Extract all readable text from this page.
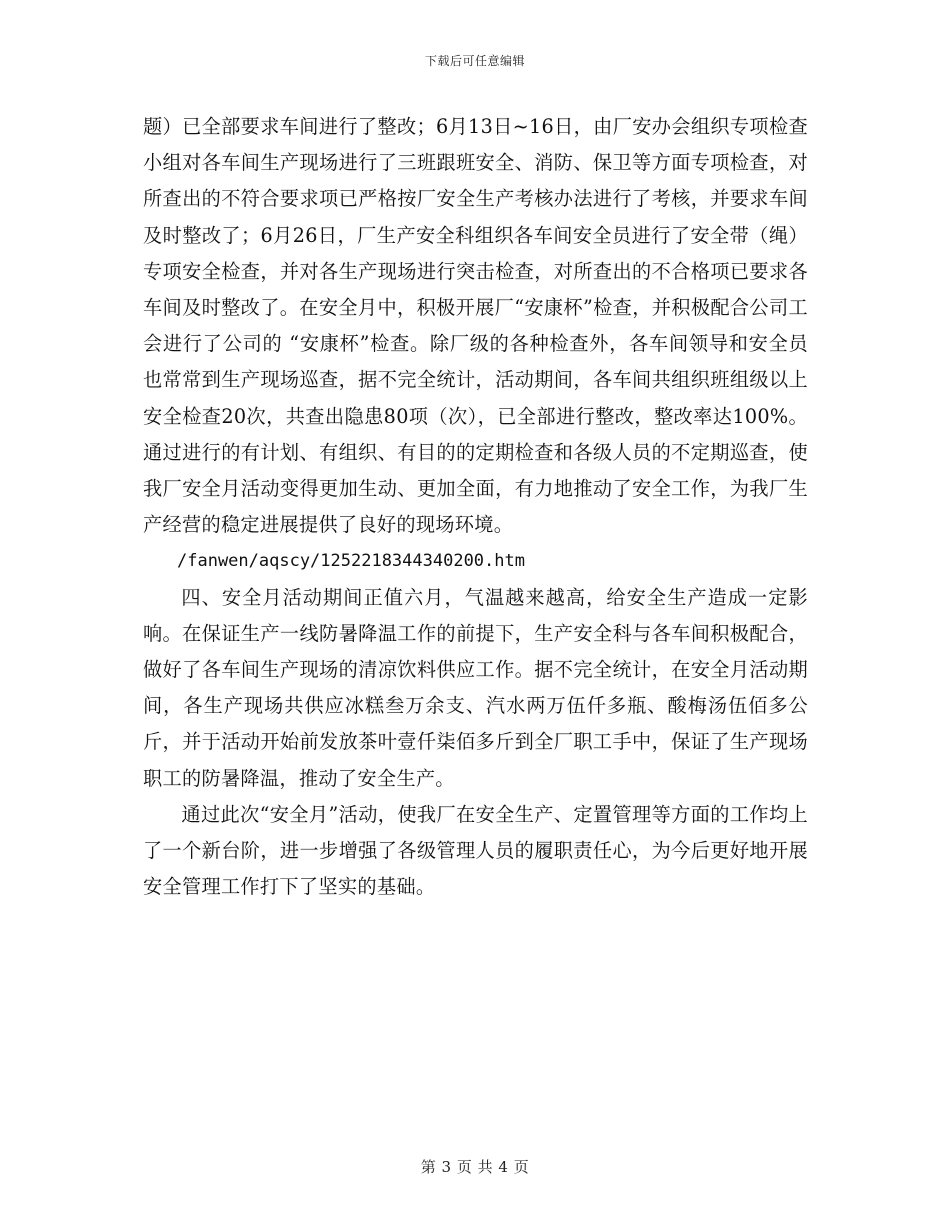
下载后可任意编辑

题）已全部要求车间进行了整改；6月13日~16日，由厂安办会组织专项检查小组对各车间生产现场进行了三班跟班安全、消防、保卫等方面专项检查，对所查出的不符合要求项已严格按厂安全生产考核办法进行了考核，并要求车间及时整改了；6月26日，厂生产安全科组织各车间安全员进行了安全带（绳）专项安全检查，并对各生产现场进行突击检查，对所查出的不合格项已要求各车间及时整改了。在安全月中，积极开展厂“安康杯”检查，并积极配合公司工会进行了公司的 “安康杯”检查。除厂级的各种检查外，各车间领导和安全员也常常到生产现场巡查，据不完全统计，活动期间，各车间共组织班组级以上安全检查20次，共查出隐患80项（次），已全部进行整改，整改率达100%。通过进行的有计划、有组织、有目的的定期检查和各级人员的不定期巡查，使我厂安全月活动变得更加生动、更加全面，有力地推动了安全工作，为我厂生产经营的稳定进展提供了良好的现场环境。

/fanwen/aqscy/1252218344340200.htm

四、安全月活动期间正值六月，气温越来越高，给安全生产造成一定影响。在保证生产一线防暑降温工作的前提下，生产安全科与各车间积极配合，做好了各车间生产现场的清凉饮料供应工作。据不完全统计，在安全月活动期间，各生产现场共供应冰糕叁万余支、汽水两万伍仟多瓶、酸梅汤伍佰多公斤，并于活动开始前发放茶叶壹仟柒佰多斤到全厂职工手中，保证了生产现场职工的防暑降温，推动了安全生产。

通过此次“安全月”活动，使我厂在安全生产、定置管理等方面的工作均上了一个新台阶，进一步增强了各级管理人员的履职责任心，为今后更好地开展安全管理工作打下了坚实的基础。

第 3 页 共 4 页
